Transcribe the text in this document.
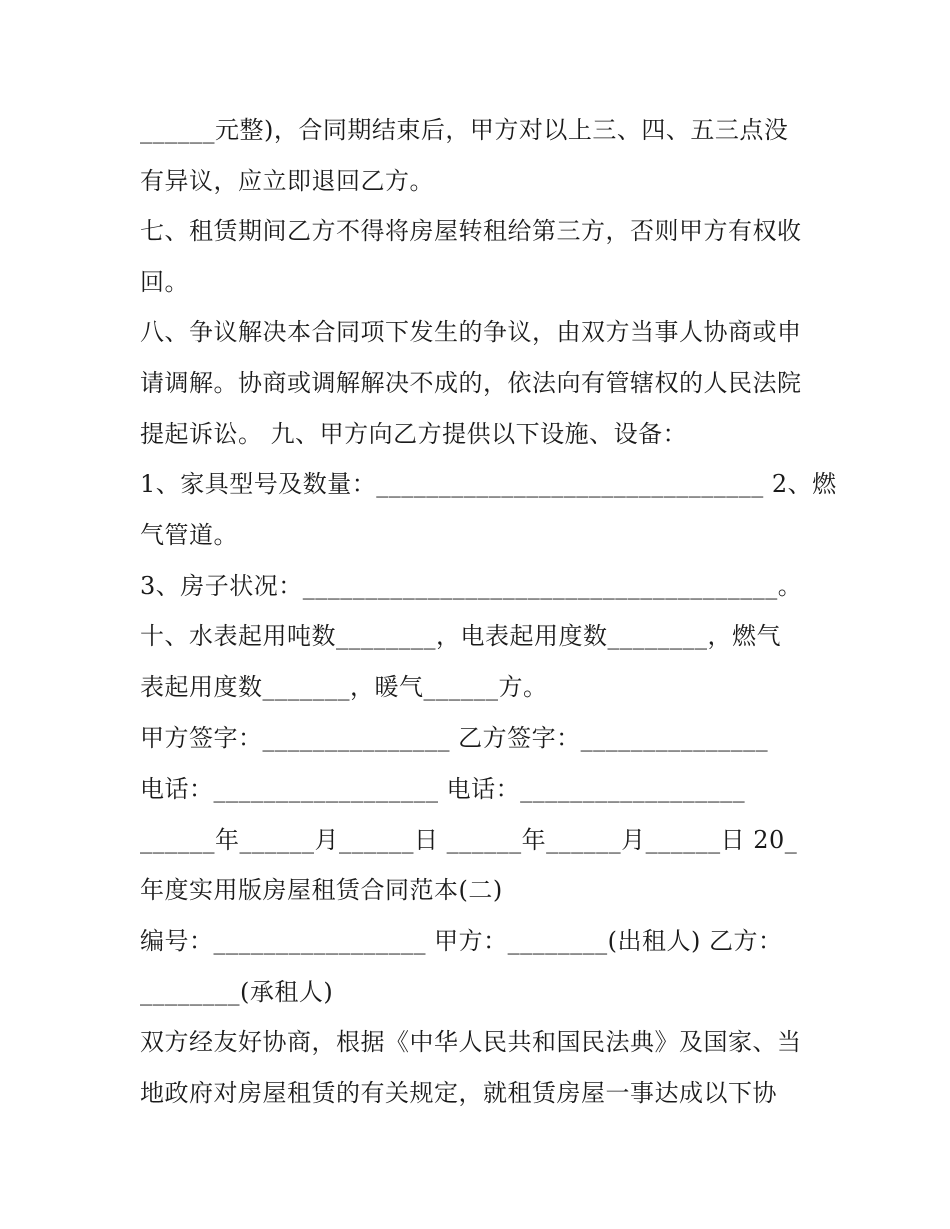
______元整)，合同期结束后，甲方对以上三、四、五三点没
有异议，应立即退回乙方。
七、租赁期间乙方不得将房屋转租给第三方，否则甲方有权收
回。
八、争议解决本合同项下发生的争议，由双方当事人协商或申
请调解。协商或调解解决不成的，依法向有管辖权的人民法院
提起诉讼。 九、甲方向乙方提供以下设施、设备：
1、家具型号及数量：_______________________________ 2、燃
气管道。
3、房子状况：______________________________________。
十、水表起用吨数________，电表起用度数________，燃气
表起用度数_______，暖气______方。
甲方签字：_______________ 乙方签字：_______________
电话：__________________ 电话：__________________
______年______月______日 ______年______月______日 20_
年度实用版房屋租赁合同范本(二)
编号：_________________ 甲方：________(出租人) 乙方：
________(承租人)
双方经友好协商，根据《中华人民共和国民法典》及国家、当
地政府对房屋租赁的有关规定，就租赁房屋一事达成以下协
